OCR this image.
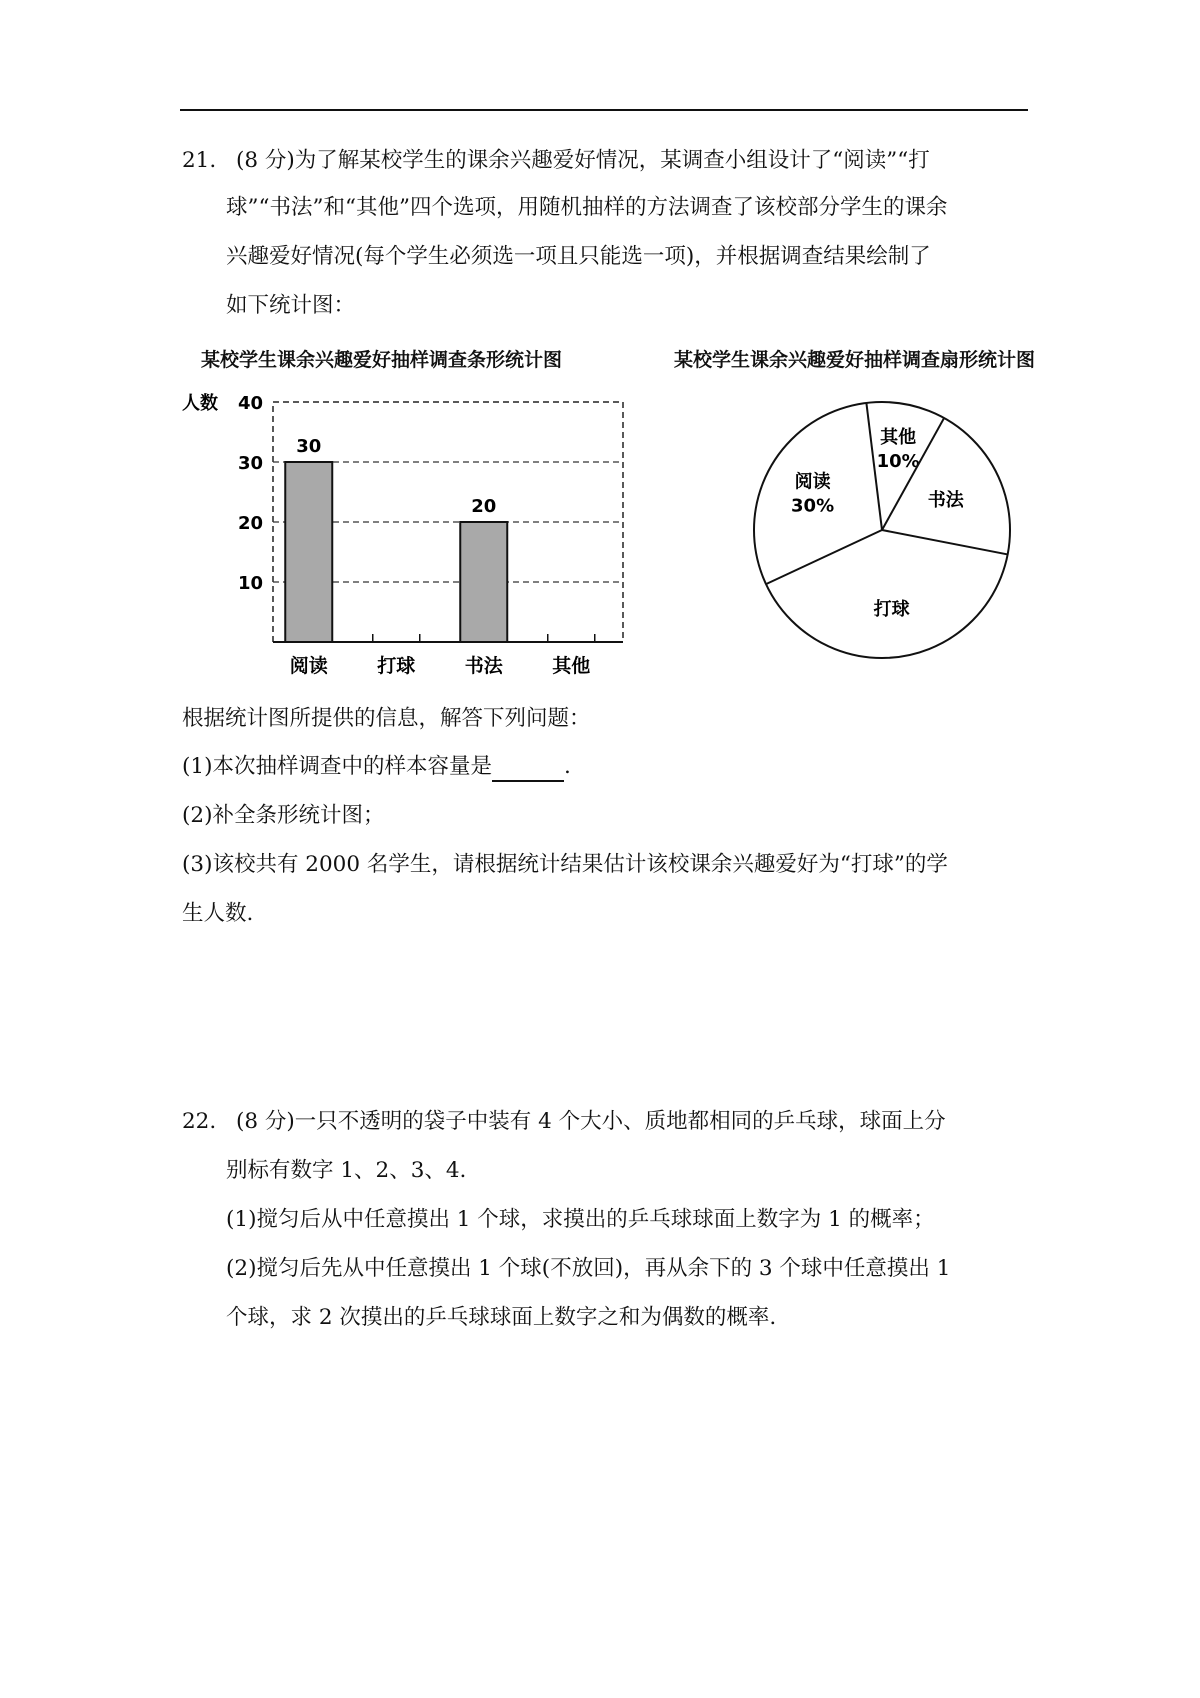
21. (8 分)为了解某校学生的课余兴趣爱好情况，某调查小组设计了“阅读”“打
球”“书法”和“其他”四个选项，用随机抽样的方法调查了该校部分学生的课余
兴趣爱好情况(每个学生必须选一项且只能选一项)，并根据调查结果绘制了
如下统计图：
某校学生课余兴趣爱好抽样调查条形统计图	某校学生课余兴趣爱好抽样调查扇形统计图
10
20
30
40
人数
阅读
30
打球	书法
20
其他
其他
10%
书法
打球
阅读
30%
根据统计图所提供的信息，解答下列问题：
(1)本次抽样调查中的样本容量是	.
(2)补全条形统计图；
(3)该校共有 2000 名学生，请根据统计结果估计该校课余兴趣爱好为“打球”的学
生人数.
22. (8 分)一只不透明的袋子中装有 4 个大小、质地都相同的乒乓球，球面上分
别标有数字 1、2、3、4.
(1)搅匀后从中任意摸出 1 个球，求摸出的乒乓球球面上数字为 1 的概率；
(2)搅匀后先从中任意摸出 1 个球(不放回)，再从余下的 3 个球中任意摸出 1
个球，求 2 次摸出的乒乓球球面上数字之和为偶数的概率.
